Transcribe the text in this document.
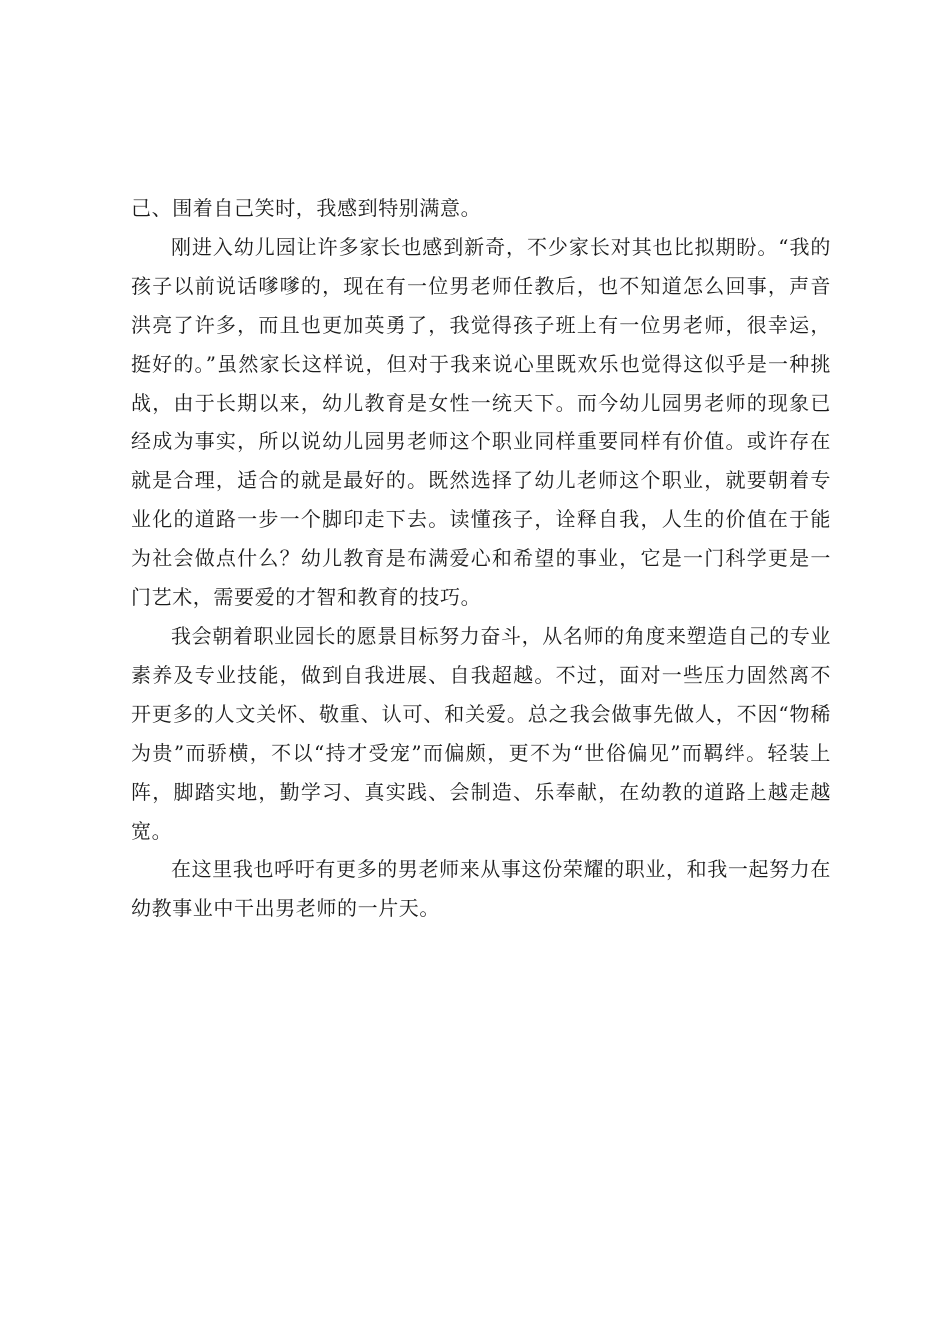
己、围着自己笑时，我感到特别满意。

刚进入幼儿园让许多家长也感到新奇，不少家长对其也比拟期盼。“我的孩子以前说话嗲嗲的，现在有一位男老师任教后，也不知道怎么回事，声音洪亮了许多，而且也更加英勇了，我觉得孩子班上有一位男老师，很幸运，挺好的。”虽然家长这样说，但对于我来说心里既欢乐也觉得这似乎是一种挑战，由于长期以来，幼儿教育是女性一统天下。而今幼儿园男老师的现象已经成为事实，所以说幼儿园男老师这个职业同样重要同样有价值。或许存在就是合理，适合的就是最好的。既然选择了幼儿老师这个职业，就要朝着专业化的道路一步一个脚印走下去。读懂孩子，诠释自我，人生的价值在于能为社会做点什么？幼儿教育是布满爱心和希望的事业，它是一门科学更是一门艺术，需要爱的才智和教育的技巧。

我会朝着职业园长的愿景目标努力奋斗，从名师的角度来塑造自己的专业素养及专业技能，做到自我进展、自我超越。不过，面对一些压力固然离不开更多的人文关怀、敬重、认可、和关爱。总之我会做事先做人，不因“物稀为贵”而骄横，不以“持才受宠”而偏颇，更不为“世俗偏见”而羁绊。轻装上阵，脚踏实地，勤学习、真实践、会制造、乐奉献，在幼教的道路上越走越宽。

在这里我也呼吁有更多的男老师来从事这份荣耀的职业，和我一起努力在幼教事业中干出男老师的一片天。
